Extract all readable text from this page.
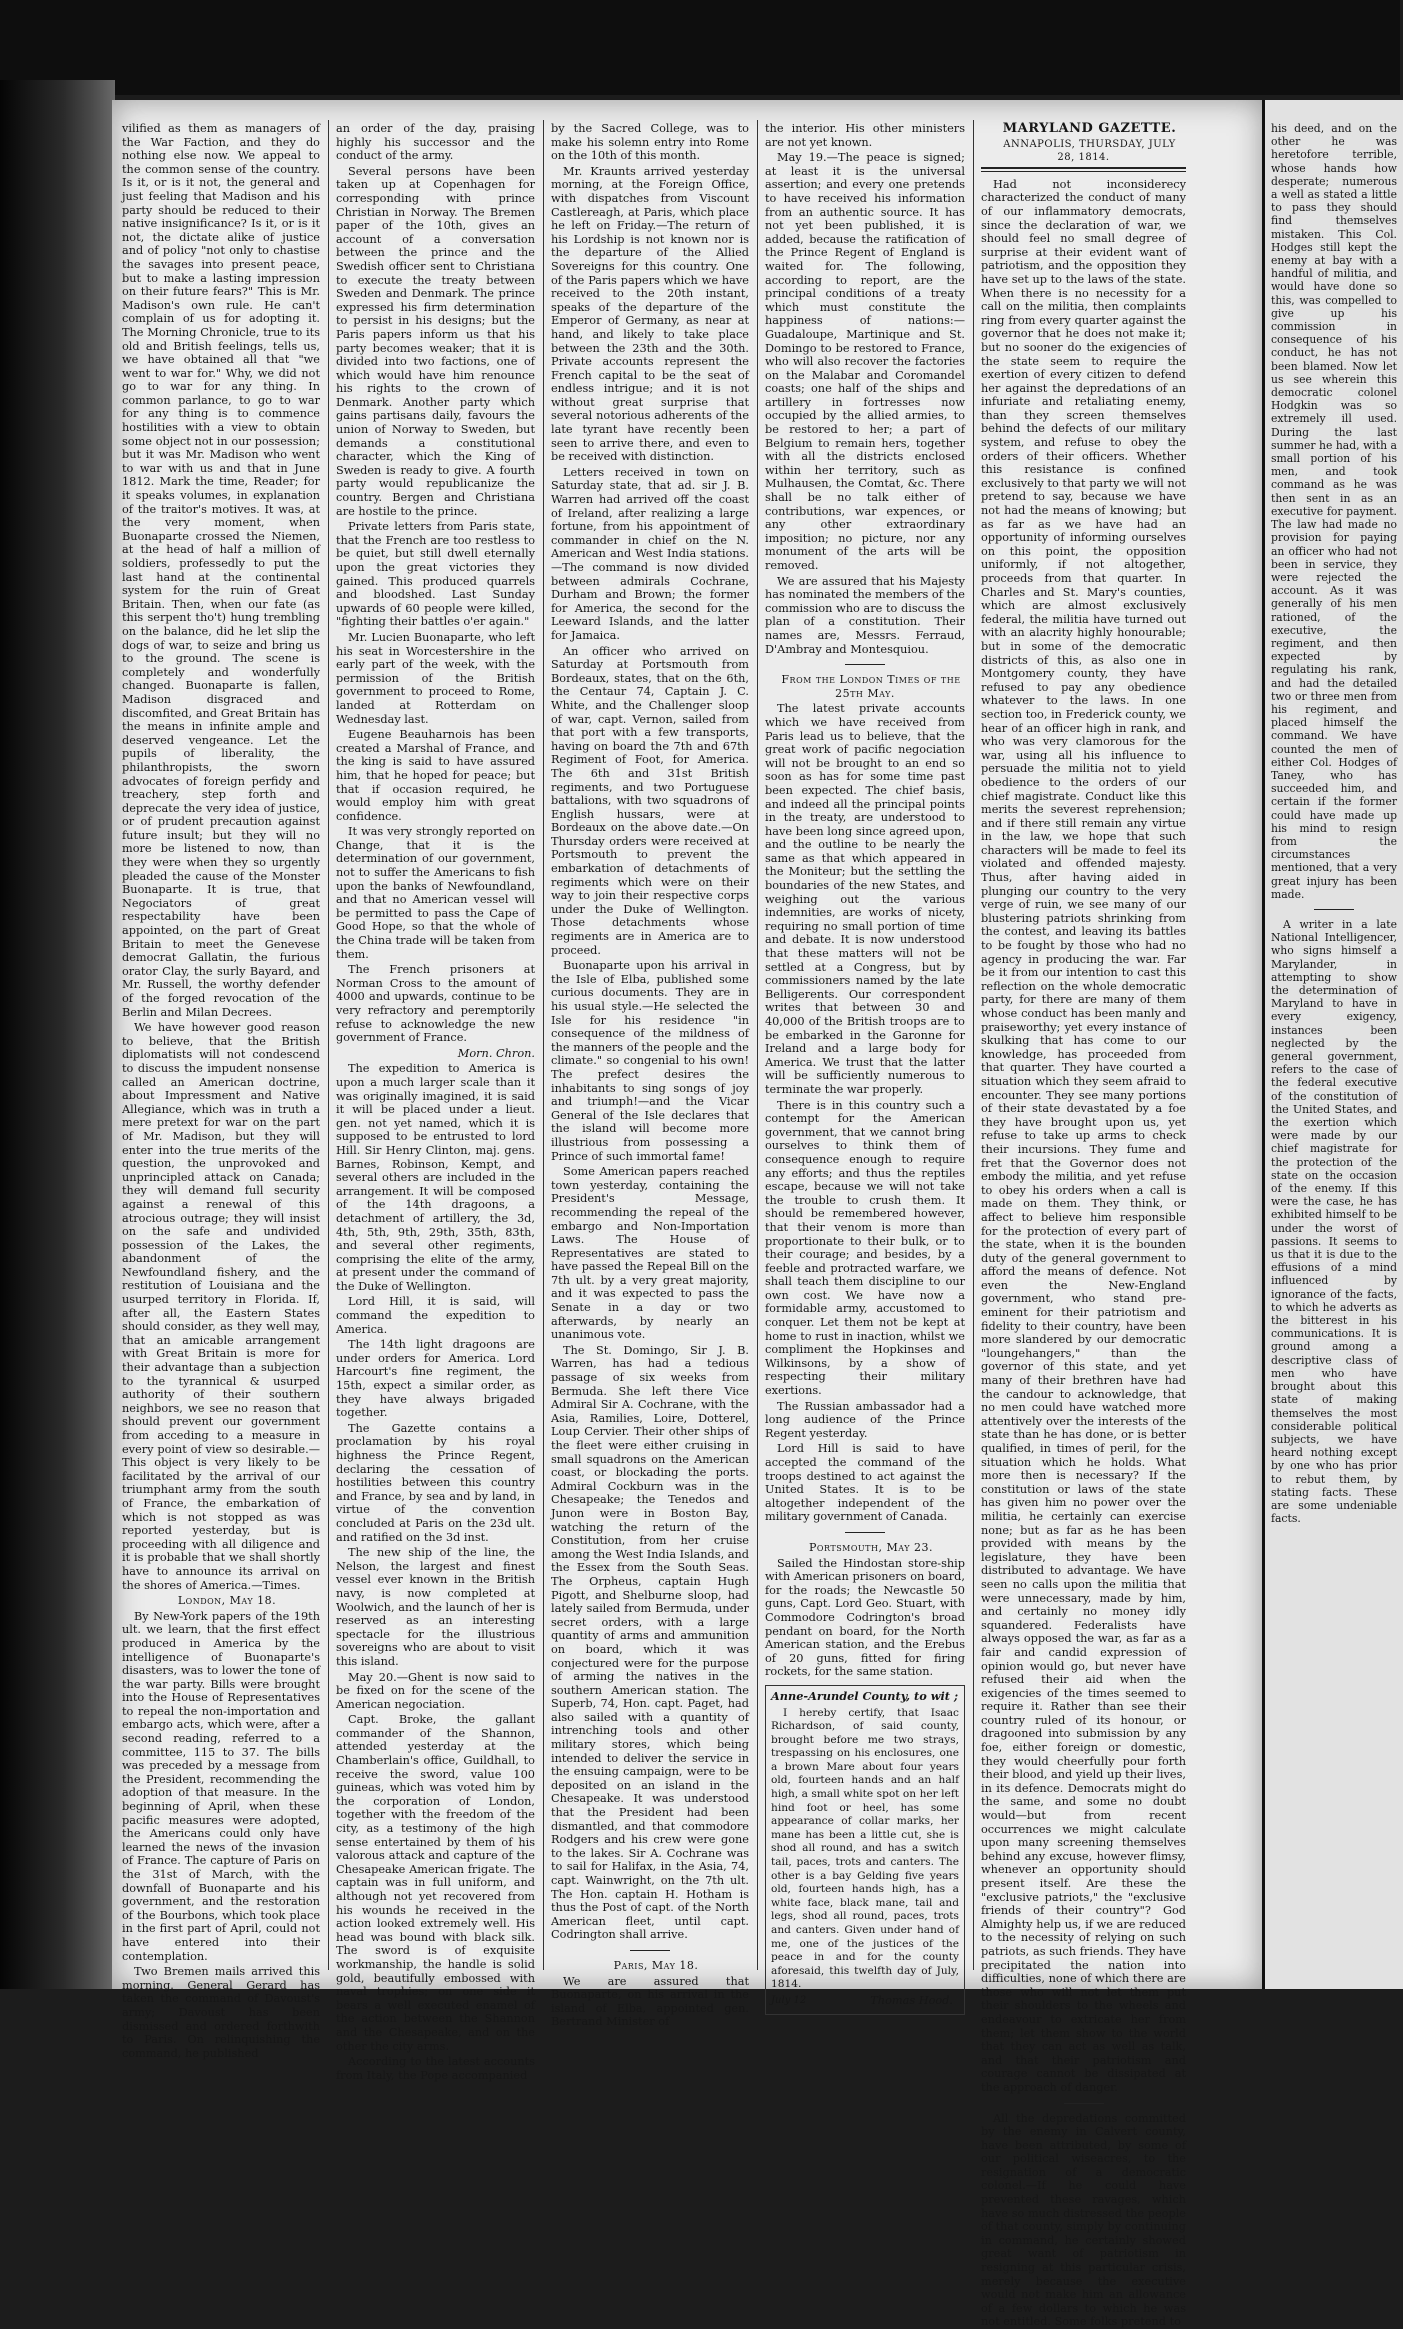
vilified as them as managers of the War Faction, and they do nothing else now. We appeal to the common sense of the country. Is it, or is it not, the general and just feeling that Madison and his party should be reduced to their native insignificance? Is it, or is it not, the dictate alike of justice and of policy "not only to chastise the savages into present peace, but to make a lasting impression on their future fears?" This is Mr. Madison's own rule. He can't complain of us for adopting it. The Morning Chronicle, true to its old and British feelings, tells us, we have obtained all that "we went to war for." Why, we did not go to war for any thing. In common parlance, to go to war for any thing is to commence hostilities with a view to obtain some object not in our possession; but it was Mr. Madison who went to war with us and that in June 1812. Mark the time, Reader; for it speaks volumes, in explanation of the traitor's motives. It was, at the very moment, when Buonaparte crossed the Niemen, at the head of half a million of soldiers, professedly to put the last hand at the continental system for the ruin of Great Britain. Then, when our fate (as this serpent tho't) hung trembling on the balance, did he let slip the dogs of war, to seize and bring us to the ground. The scene is completely and wonderfully changed. Buonaparte is fallen, Madison disgraced and discomfited, and Great Britain has the means in infinite ample and deserved vengeance. Let the pupils of liberality, the philanthropists, the sworn advocates of foreign perfidy and treachery, step forth and deprecate the very idea of justice, or of prudent precaution against future insult; but they will no more be listened to now, than they were when they so urgently pleaded the cause of the Monster Buonaparte. It is true, that Negociators of great respectability have been appointed, on the part of Great Britain to meet the Genevese democrat Gallatin, the furious orator Clay, the surly Bayard, and Mr. Russell, the worthy defender of the forged revocation of the Berlin and Milan Decrees.

We have however good reason to believe, that the British diplomatists will not condescend to discuss the impudent nonsense called an American doctrine, about Impressment and Native Allegiance, which was in truth a mere pretext for war on the part of Mr. Madison, but they will enter into the true merits of the question, the unprovoked and unprincipled attack on Canada; they will demand full security against a renewal of this atrocious outrage; they will insist on the safe and undivided possession of the Lakes, the abandonment of the Newfoundland fishery, and the restitution of Louisiana and the usurped territory in Florida. If, after all, the Eastern States should consider, as they well may, that an amicable arrangement with Great Britain is more for their advantage than a subjection to the tyrannical & usurped authority of their southern neighbors, we see no reason that should prevent our government from acceding to a measure in every point of view so desirable.—This object is very likely to be facilitated by the arrival of our triumphant army from the south of France, the embarkation of which is not stopped as was reported yesterday, but is proceeding with all diligence and it is probable that we shall shortly have to announce its arrival on the shores of America.—Times.

London, May 18.

By New-York papers of the 19th ult. we learn, that the first effect produced in America by the intelligence of Buonaparte's disasters, was to lower the tone of the war party. Bills were brought into the House of Representatives to repeal the non-importation and embargo acts, which were, after a second reading, referred to a committee, 115 to 37. The bills was preceded by a message from the President, recommending the adoption of that measure. In the beginning of April, when these pacific measures were adopted, the Americans could only have learned the news of the invasion of France. The capture of Paris on the 31st of March, with the downfall of Buonaparte and his government, and the restoration of the Bourbons, which took place in the first part of April, could not have entered into their contemplation.

Two Bremen mails arrived this morning. General Gerard has taken the command of Davoust's army; Davoust has been dismissed and ordered forthwith to Paris. On relinquishing the command, he published

an order of the day, praising highly his successor and the conduct of the army.

Several persons have been taken up at Copenhagen for corresponding with prince Christian in Norway. The Bremen paper of the 10th, gives an account of a conversation between the prince and the Swedish officer sent to Christiana to execute the treaty between Sweden and Denmark. The prince expressed his firm determination to persist in his designs; but the Paris papers inform us that his party becomes weaker; that it is divided into two factions, one of which would have him renounce his rights to the crown of Denmark. Another party which gains partisans daily, favours the union of Norway to Sweden, but demands a constitutional character, which the King of Sweden is ready to give. A fourth party would republicanize the country. Bergen and Christiana are hostile to the prince.

Private letters from Paris state, that the French are too restless to be quiet, but still dwell eternally upon the great victories they gained. This produced quarrels and bloodshed. Last Sunday upwards of 60 people were killed, "fighting their battles o'er again."

Mr. Lucien Buonaparte, who left his seat in Worcestershire in the early part of the week, with the permission of the British government to proceed to Rome, landed at Rotterdam on Wednesday last.

Eugene Beauharnois has been created a Marshal of France, and the king is said to have assured him, that he hoped for peace; but that if occasion required, he would employ him with great confidence.

It was very strongly reported on Change, that it is the determination of our government, not to suffer the Americans to fish upon the banks of Newfoundland, and that no American vessel will be permitted to pass the Cape of Good Hope, so that the whole of the China trade will be taken from them.

The French prisoners at Norman Cross to the amount of 4000 and upwards, continue to be very refractory and peremptorily refuse to acknowledge the new government of France.

Morn. Chron.

The expedition to America is upon a much larger scale than it was originally imagined, it is said it will be placed under a lieut. gen. not yet named, which it is supposed to be entrusted to lord Hill. Sir Henry Clinton, maj. gens. Barnes, Robinson, Kempt, and several others are included in the arrangement. It will be composed of the 14th dragoons, a detachment of artillery, the 3d, 4th, 5th, 9th, 29th, 35th, 83th, and several other regiments, comprising the elite of the army, at present under the command of the Duke of Wellington.

Lord Hill, it is said, will command the expedition to America.

The 14th light dragoons are under orders for America. Lord Harcourt's fine regiment, the 15th, expect a similar order, as they have always brigaded together.

The Gazette contains a proclamation by his royal highness the Prince Regent, declaring the cessation of hostilities between this country and France, by sea and by land, in virtue of the convention concluded at Paris on the 23d ult. and ratified on the 3d inst.

The new ship of the line, the Nelson, the largest and finest vessel ever known in the British navy, is now completed at Woolwich, and the launch of her is reserved as an interesting spectacle for the illustrious sovereigns who are about to visit this island.

May 20.—Ghent is now said to be fixed on for the scene of the American negociation.

Capt. Broke, the gallant commander of the Shannon, attended yesterday at the Chamberlain's office, Guildhall, to receive the sword, value 100 guineas, which was voted him by the corporation of London, together with the freedom of the city, as a testimony of the high sense entertained by them of his valorous attack and capture of the Chesapeake American frigate. The captain was in full uniform, and although not yet recovered from his wounds he received in the action looked extremely well. His head was bound with black silk. The sword is of exquisite workmanship, the handle is solid gold, beautifully embossed with naval trophies; on one side it bears a well executed enamel of the action between the Shannon and the Chesapeake, and on the other the city arms.

According to the latest accounts from Italy, the Pope accompanied

by the Sacred College, was to make his solemn entry into Rome on the 10th of this month.

Mr. Kraunts arrived yesterday morning, at the Foreign Office, with dispatches from Viscount Castlereagh, at Paris, which place he left on Friday.—The return of his Lordship is not known nor is the departure of the Allied Sovereigns for this country. One of the Paris papers which we have received to the 20th instant, speaks of the departure of the Emperor of Germany, as near at hand, and likely to take place between the 23th and the 30th. Private accounts represent the French capital to be the seat of endless intrigue; and it is not without great surprise that several notorious adherents of the late tyrant have recently been seen to arrive there, and even to be received with distinction.

Letters received in town on Saturday state, that ad. sir J. B. Warren had arrived off the coast of Ireland, after realizing a large fortune, from his appointment of commander in chief on the N. American and West India stations.—The command is now divided between admirals Cochrane, Durham and Brown; the former for America, the second for the Leeward Islands, and the latter for Jamaica.

An officer who arrived on Saturday at Portsmouth from Bordeaux, states, that on the 6th, the Centaur 74, Captain J. C. White, and the Challenger sloop of war, capt. Vernon, sailed from that port with a few transports, having on board the 7th and 67th Regiment of Foot, for America. The 6th and 31st British regiments, and two Portuguese battalions, with two squadrons of English hussars, were at Bordeaux on the above date.—On Thursday orders were received at Portsmouth to prevent the embarkation of detachments of regiments which were on their way to join their respective corps under the Duke of Wellington. Those detachments whose regiments are in America are to proceed.

Buonaparte upon his arrival in the Isle of Elba, published some curious documents. They are in his usual style.—He selected the Isle for his residence "in consequence of the mildness of the manners of the people and the climate." so congenial to his own! The prefect desires the inhabitants to sing songs of joy and triumph!—and the Vicar General of the Isle declares that the island will become more illustrious from possessing a Prince of such immortal fame!

Some American papers reached town yesterday, containing the President's Message, recommending the repeal of the embargo and Non-Importation Laws. The House of Representatives are stated to have passed the Repeal Bill on the 7th ult. by a very great majority, and it was expected to pass the Senate in a day or two afterwards, by nearly an unanimous vote.

The St. Domingo, Sir J. B. Warren, has had a tedious passage of six weeks from Bermuda. She left there Vice Admiral Sir A. Cochrane, with the Asia, Ramilies, Loire, Dotterel, Loup Cervier. Their other ships of the fleet were either cruising in small squadrons on the American coast, or blockading the ports. Admiral Cockburn was in the Chesapeake; the Tenedos and Junon were in Boston Bay, watching the return of the Constitution, from her cruise among the West India Islands, and the Essex from the South Seas. The Orpheus, captain Hugh Pigott, and Shelburne sloop, had lately sailed from Bermuda, under secret orders, with a large quantity of arms and ammunition on board, which it was conjectured were for the purpose of arming the natives in the southern American station. The Superb, 74, Hon. capt. Paget, had also sailed with a quantity of intrenching tools and other military stores, which being intended to deliver the service in the ensuing campaign, were to be deposited on an island in the Chesapeake. It was understood that the President had been dismantled, and that commodore Rodgers and his crew were gone to the lakes. Sir A. Cochrane was to sail for Halifax, in the Asia, 74, capt. Wainwright, on the 7th ult. The Hon. captain H. Hotham is thus the Post of capt. of the North American fleet, until capt. Codrington shall arrive.

Paris, May 18.

We are assured that Buonaparte, on his arrival in the island of Elba, appointed gen. Bertrand Minister of

the interior. His other ministers are not yet known.

May 19.—The peace is signed; at least it is the universal assertion; and every one pretends to have received his information from an authentic source. It has not yet been published, it is added, because the ratification of the Prince Regent of England is waited for. The following, according to report, are the principal conditions of a treaty which must constitute the happiness of nations:—Guadaloupe, Martinique and St. Domingo to be restored to France, who will also recover the factories on the Malabar and Coromandel coasts; one half of the ships and artillery in fortresses now occupied by the allied armies, to be restored to her; a part of Belgium to remain hers, together with all the districts enclosed within her territory, such as Mulhausen, the Comtat, &c. There shall be no talk either of contributions, war expences, or any other extraordinary imposition; no picture, nor any monument of the arts will be removed.

We are assured that his Majesty has nominated the members of the commission who are to discuss the plan of a constitution. Their names are, Messrs. Ferraud, D'Ambray and Montesquiou.

From the London Times of the 25th May.

The latest private accounts which we have received from Paris lead us to believe, that the great work of pacific negociation will not be brought to an end so soon as has for some time past been expected. The chief basis, and indeed all the principal points in the treaty, are understood to have been long since agreed upon, and the outline to be nearly the same as that which appeared in the Moniteur; but the settling the boundaries of the new States, and weighing out the various indemnities, are works of nicety, requiring no small portion of time and debate. It is now understood that these matters will not be settled at a Congress, but by commissioners named by the late Belligerents. Our correspondent writes that between 30 and 40,000 of the British troops are to be embarked in the Garonne for Ireland and a large body for America. We trust that the latter will be sufficiently numerous to terminate the war properly.

There is in this country such a contempt for the American government, that we cannot bring ourselves to think them of consequence enough to require any efforts; and thus the reptiles escape, because we will not take the trouble to crush them. It should be remembered however, that their venom is more than proportionate to their bulk, or to their courage; and besides, by a feeble and protracted warfare, we shall teach them discipline to our own cost. We have now a formidable army, accustomed to conquer. Let them not be kept at home to rust in inaction, whilst we compliment the Hopkinses and Wilkinsons, by a show of respecting their military exertions.

The Russian ambassador had a long audience of the Prince Regent yesterday.

Lord Hill is said to have accepted the command of the troops destined to act against the United States. It is to be altogether independent of the military government of Canada.

Portsmouth, May 23.

Sailed the Hindostan store-ship with American prisoners on board, for the roads; the Newcastle 50 guns, Capt. Lord Geo. Stuart, with Commodore Codrington's broad pendant on board, for the North American station, and the Erebus of 20 guns, fitted for firing rockets, for the same station.

Anne-Arundel County, to wit ;

I hereby certify, that Isaac Richardson, of said county, brought before me two strays, trespassing on his enclosures, one a brown Mare about four years old, fourteen hands and an half high, a small white spot on her left hind foot or heel, has some appearance of collar marks, her mane has been a little cut, she is shod all round, and has a switch tail, paces, trots and canters. The other is a bay Gelding five years old, fourteen hands high, has a white face, black mane, tail and legs, shod all round, paces, trots and canters. Given under hand of me, one of the justices of the peace in and for the county aforesaid, this twelfth day of July, 1814.

July 12	Thomas Hood.

MARYLAND GAZETTE.

ANNAPOLIS, THURSDAY, JULY 28, 1814.

Had not inconsiderecy characterized the conduct of many of our inflammatory democrats, since the declaration of war, we should feel no small degree of surprise at their evident want of patriotism, and the opposition they have set up to the laws of the state. When there is no necessity for a call on the militia, then complaints ring from every quarter against the governor that he does not make it; but no sooner do the exigencies of the state seem to require the exertion of every citizen to defend her against the depredations of an infuriate and retaliating enemy, than they screen themselves behind the defects of our military system, and refuse to obey the orders of their officers. Whether this resistance is confined exclusively to that party we will not pretend to say, because we have not had the means of knowing; but as far as we have had an opportunity of informing ourselves on this point, the opposition uniformly, if not altogether, proceeds from that quarter. In Charles and St. Mary's counties, which are almost exclusively federal, the militia have turned out with an alacrity highly honourable; but in some of the democratic districts of this, as also one in Montgomery county, they have refused to pay any obedience whatever to the laws. In one section too, in Frederick county, we hear of an officer high in rank, and who was very clamorous for the war, using all his influence to persuade the militia not to yield obedience to the orders of our chief magistrate. Conduct like this merits the severest reprehension; and if there still remain any virtue in the law, we hope that such characters will be made to feel its violated and offended majesty. Thus, after having aided in plunging our country to the very verge of ruin, we see many of our blustering patriots shrinking from the contest, and leaving its battles to be fought by those who had no agency in producing the war. Far be it from our intention to cast this reflection on the whole democratic party, for there are many of them whose conduct has been manly and praiseworthy; yet every instance of skulking that has come to our knowledge, has proceeded from that quarter. They have courted a situation which they seem afraid to encounter. They see many portions of their state devastated by a foe they have brought upon us, yet refuse to take up arms to check their incursions. They fume and fret that the Governor does not embody the militia, and yet refuse to obey his orders when a call is made on them. They think, or affect to believe him responsible for the protection of every part of the state, when it is the bounden duty of the general government to afford the means of defence. Not even the New-England government, who stand pre-eminent for their patriotism and fidelity to their country, have been more slandered by our democratic "loungehangers," than the governor of this state, and yet many of their brethren have had the candour to acknowledge, that no men could have watched more attentively over the interests of the state than he has done, or is better qualified, in times of peril, for the situation which he holds. What more then is necessary? If the constitution or laws of the state has given him no power over the militia, he certainly can exercise none; but as far as he has been provided with means by the legislature, they have been distributed to advantage. We have seen no calls upon the militia that were unnecessary, made by him, and certainly no money idly squandered. Federalists have always opposed the war, as far as a fair and candid expression of opinion would go, but never have refused their aid when the exigencies of the times seemed to require it. Rather than see their country ruled of its honour, or dragooned into submission by any foe, either foreign or domestic, they would cheerfully pour forth their blood, and yield up their lives, in its defence. Democrats might do the same, and some no doubt would—but from recent occurrences we might calculate upon many screening themselves behind any excuse, however flimsy, whenever an opportunity should present itself. Are these the "exclusive patriots," the "exclusive friends of their country"? God Almighty help us, if we are reduced to the necessity of relying on such patriots, as such friends. They have precipitated the nation into difficulties, none of which there are those who will not let them put their shoulders to the wheels and endeavour to extricate her from them; let them show to the world that they can act as well as talk, and that their patriotism and courage cannot be dissipated at the approach of danger.

All the depredations committed by the enemy in Calvert county, have been attributed, by some of our political wiseacres, to the resignation of a democratic colonel.—If he could have prevented these ravages, which have so much distressed the people of that county, simply by continuing in command, he certainly showed great want of patriotism in resigning at this particular crisis, merely because the executive would not make him an allowance of a few dollars to which he was not entitled. Some folks pretend to

his deed, and on the other he was heretofore terrible, whose hands how desperate; numerous a well as stated a little to pass they should find themselves mistaken. This Col. Hodges still kept the enemy at bay with a handful of militia, and would have done so this, was compelled to give up his commission in consequence of his conduct, he has not been blamed. Now let us see wherein this democratic colonel Hodgkin was so extremely ill used. During the last summer he had, with a small portion of his men, and took command as he was then sent in as an executive for payment. The law had made no provision for paying an officer who had not been in service, they were rejected the account. As it was generally of his men rationed, of the executive, the regiment, and then expected by regulating his rank, and had the detailed two or three men from his regiment, and placed himself the command. We have counted the men of either Col. Hodges of Taney, who has succeeded him, and certain if the former could have made up his mind to resign from the circumstances mentioned, that a very great injury has been made.

A writer in a late National Intelligencer, who signs himself a Marylander, in attempting to show the determination of Maryland to have in every exigency, instances been neglected by the general government, refers to the case of the federal executive of the constitution of the United States, and the exertion which were made by our chief magistrate for the protection of the state on the occasion of the enemy. If this were the case, he has exhibited himself to be under the worst of passions. It seems to us that it is due to the effusions of a mind influenced by ignorance of the facts, to which he adverts as the bitterest in his communications. It is ground among a descriptive class of men who have brought about this state of making themselves the most considerable political subjects, we have heard nothing except by one who has prior to rebut them, by stating facts. These are some undeniable facts.
